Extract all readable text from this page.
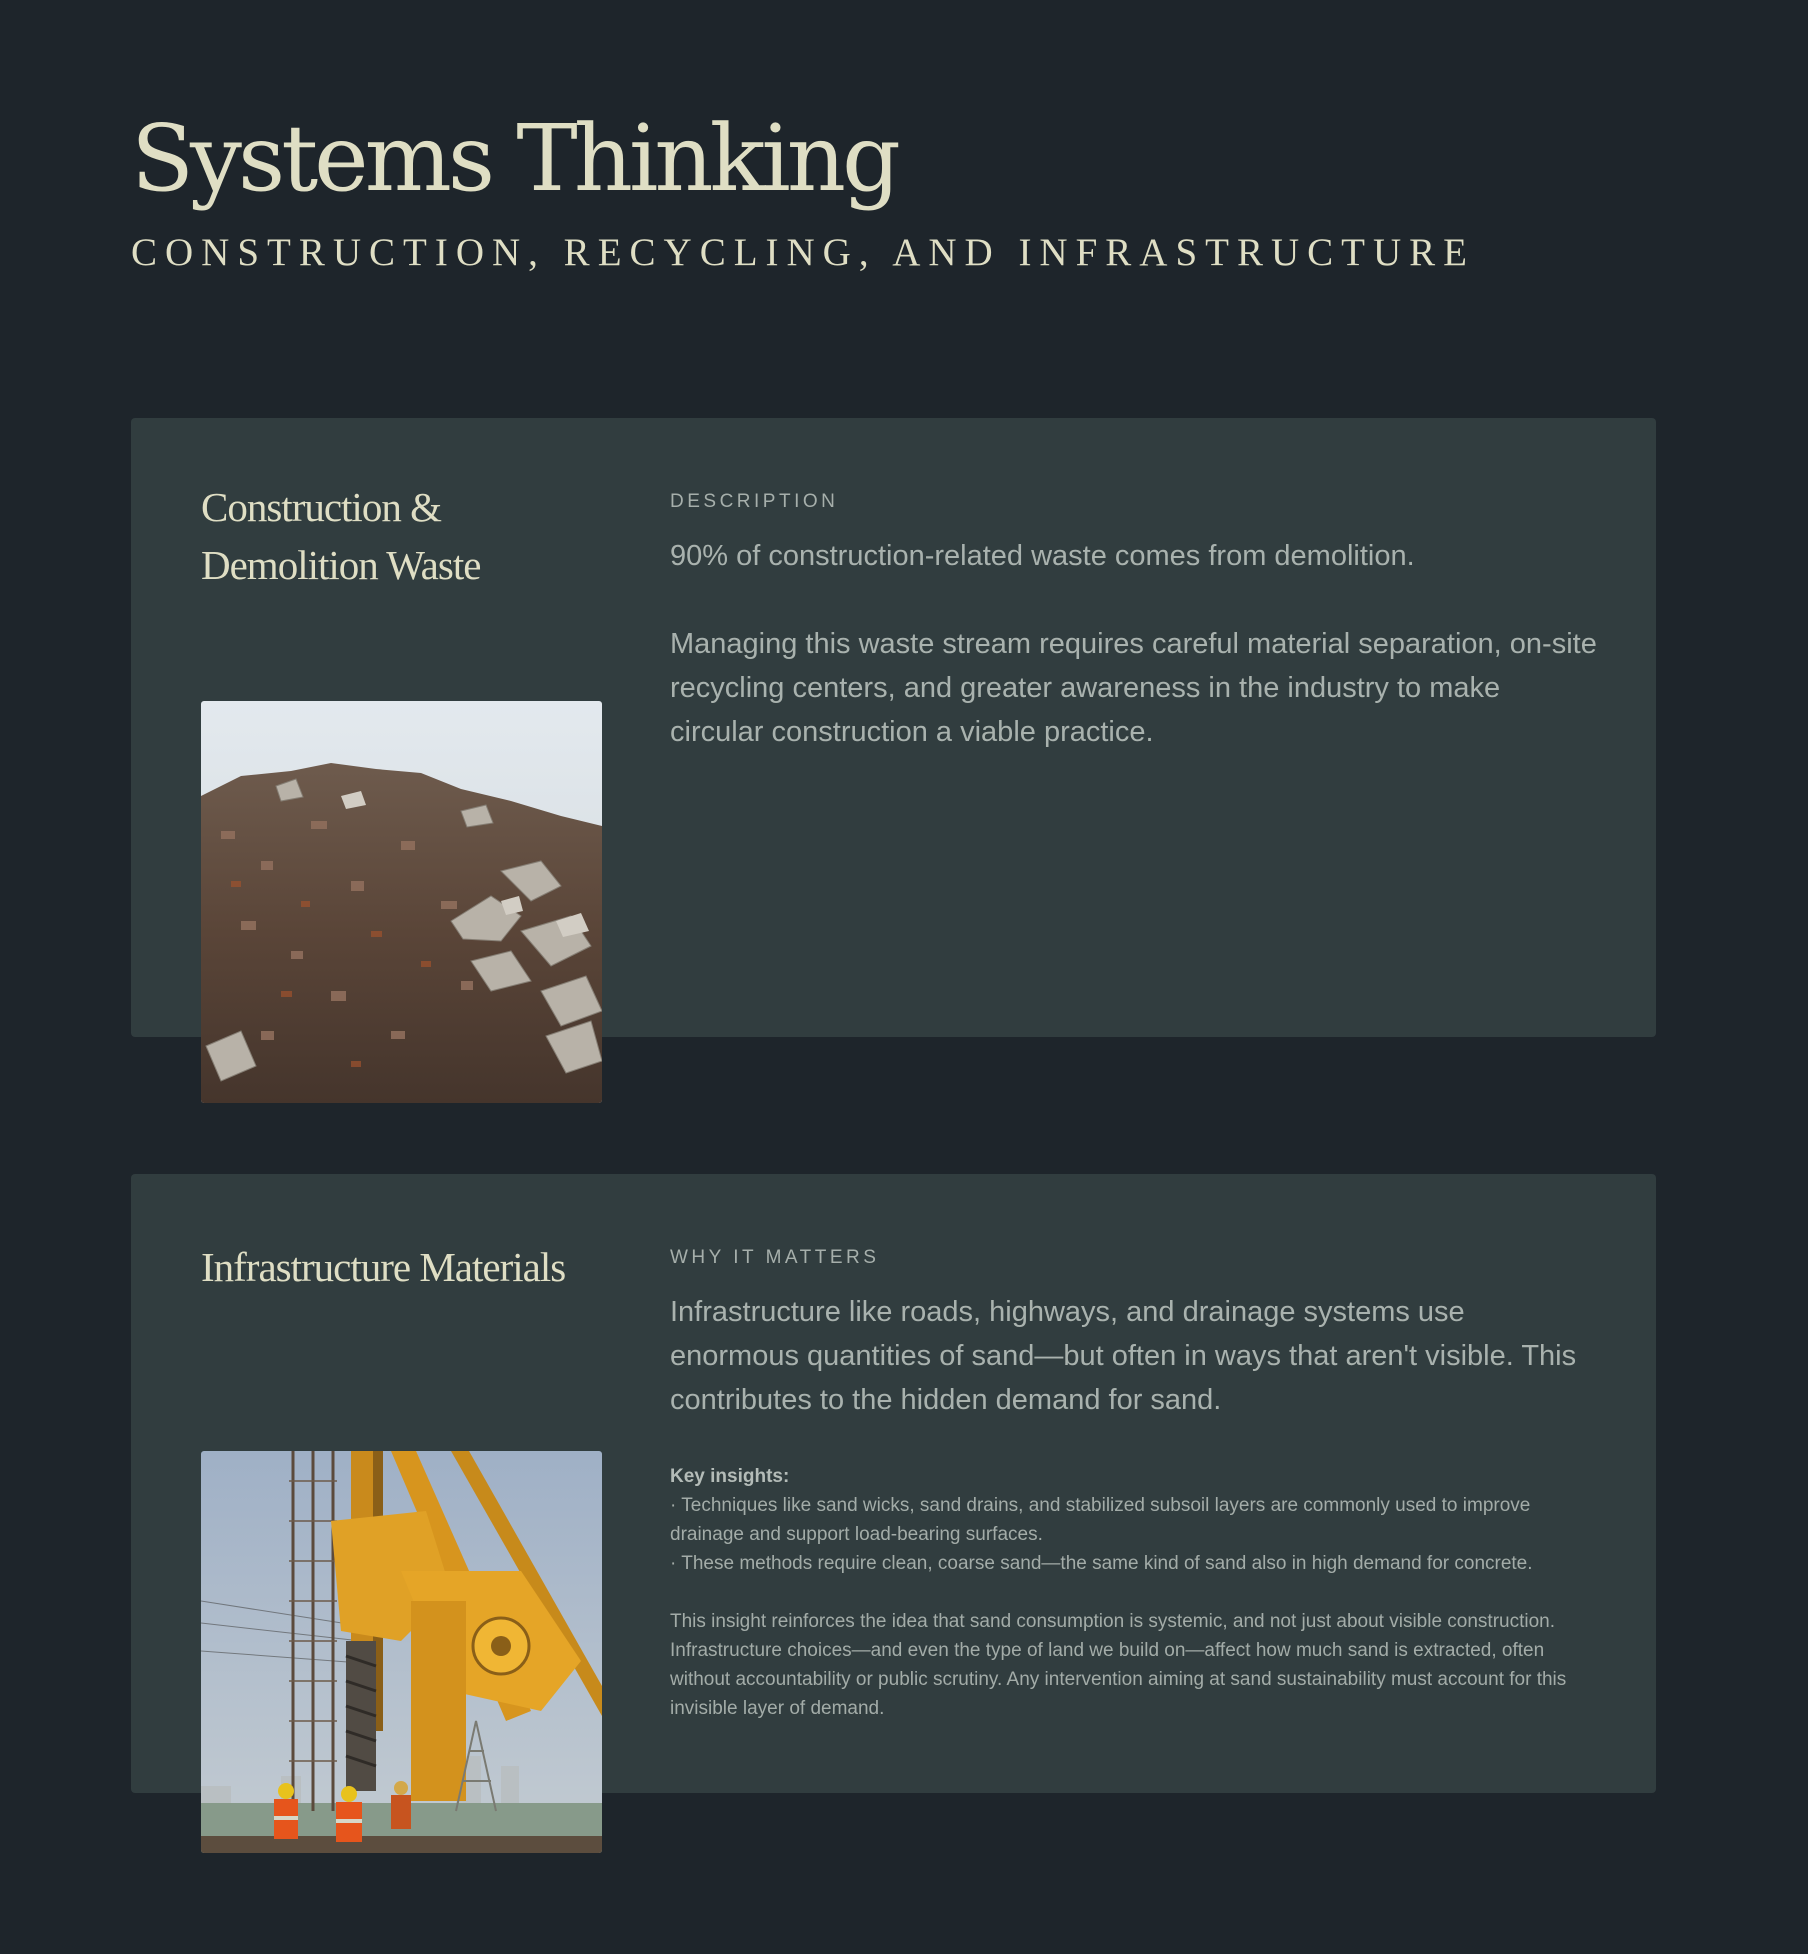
Systems Thinking
CONSTRUCTION, RECYCLING, AND INFRASTRUCTURE
Construction &
Demolition Waste

DESCRIPTION

90% of construction-related waste comes from demolition.

Managing this waste stream requires careful material separation, on-site recycling centers, and greater awareness in the industry to make circular construction a viable practice.

Infrastructure Materials	WHY IT MATTERS

Infrastructure like roads, highways, and drainage systems use enormous quantities of sand—but often in ways that aren't visible. This contributes to the hidden demand for sand.

Key insights:

· Techniques like sand wicks, sand drains, and stabilized subsoil layers are commonly used to improve drainage and support load-bearing surfaces.

· These methods require clean, coarse sand—the same kind of sand also in high demand for concrete.

This insight reinforces the idea that sand consumption is systemic, and not just about visible construction. Infrastructure choices—and even the type of land we build on—affect how much sand is extracted, often without accountability or public scrutiny. Any intervention aiming at sand sustainability must account for this invisible layer of demand.
